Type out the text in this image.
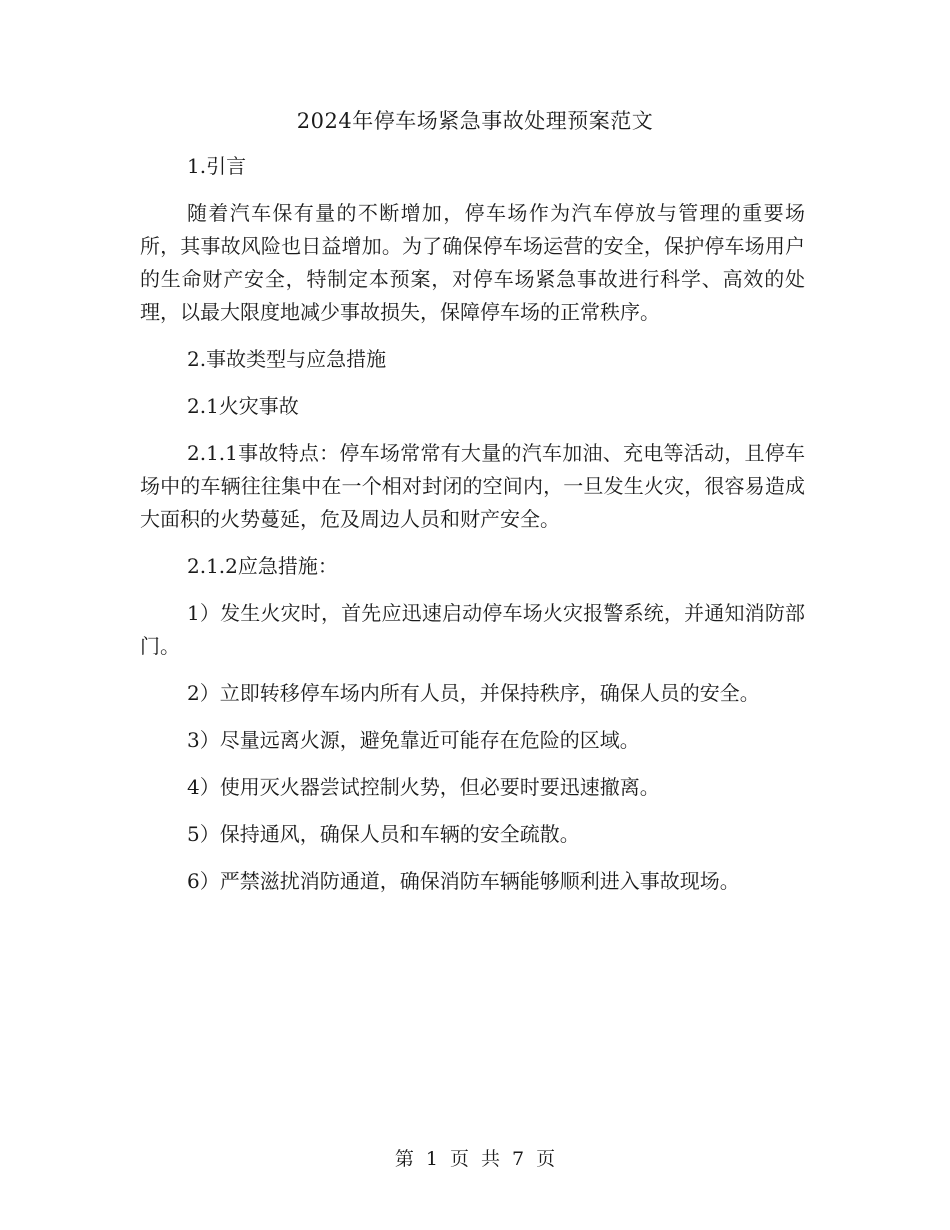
2024年停车场紧急事故处理预案范文

1.引言

随着汽车保有量的不断增加，停车场作为汽车停放与管理的重要场所，其事故风险也日益增加。为了确保停车场运营的安全，保护停车场用户的生命财产安全，特制定本预案，对停车场紧急事故进行科学、高效的处理，以最大限度地减少事故损失，保障停车场的正常秩序。

2.事故类型与应急措施

2.1火灾事故

2.1.1事故特点：停车场常常有大量的汽车加油、充电等活动，且停车场中的车辆往往集中在一个相对封闭的空间内，一旦发生火灾，很容易造成大面积的火势蔓延，危及周边人员和财产安全。

2.1.2应急措施：

1）发生火灾时，首先应迅速启动停车场火灾报警系统，并通知消防部门。

2）立即转移停车场内所有人员，并保持秩序，确保人员的安全。

3）尽量远离火源，避免靠近可能存在危险的区域。

4）使用灭火器尝试控制火势，但必要时要迅速撤离。

5）保持通风，确保人员和车辆的安全疏散。

6）严禁滋扰消防通道，确保消防车辆能够顺利进入事故现场。

第 1 页 共 7 页
